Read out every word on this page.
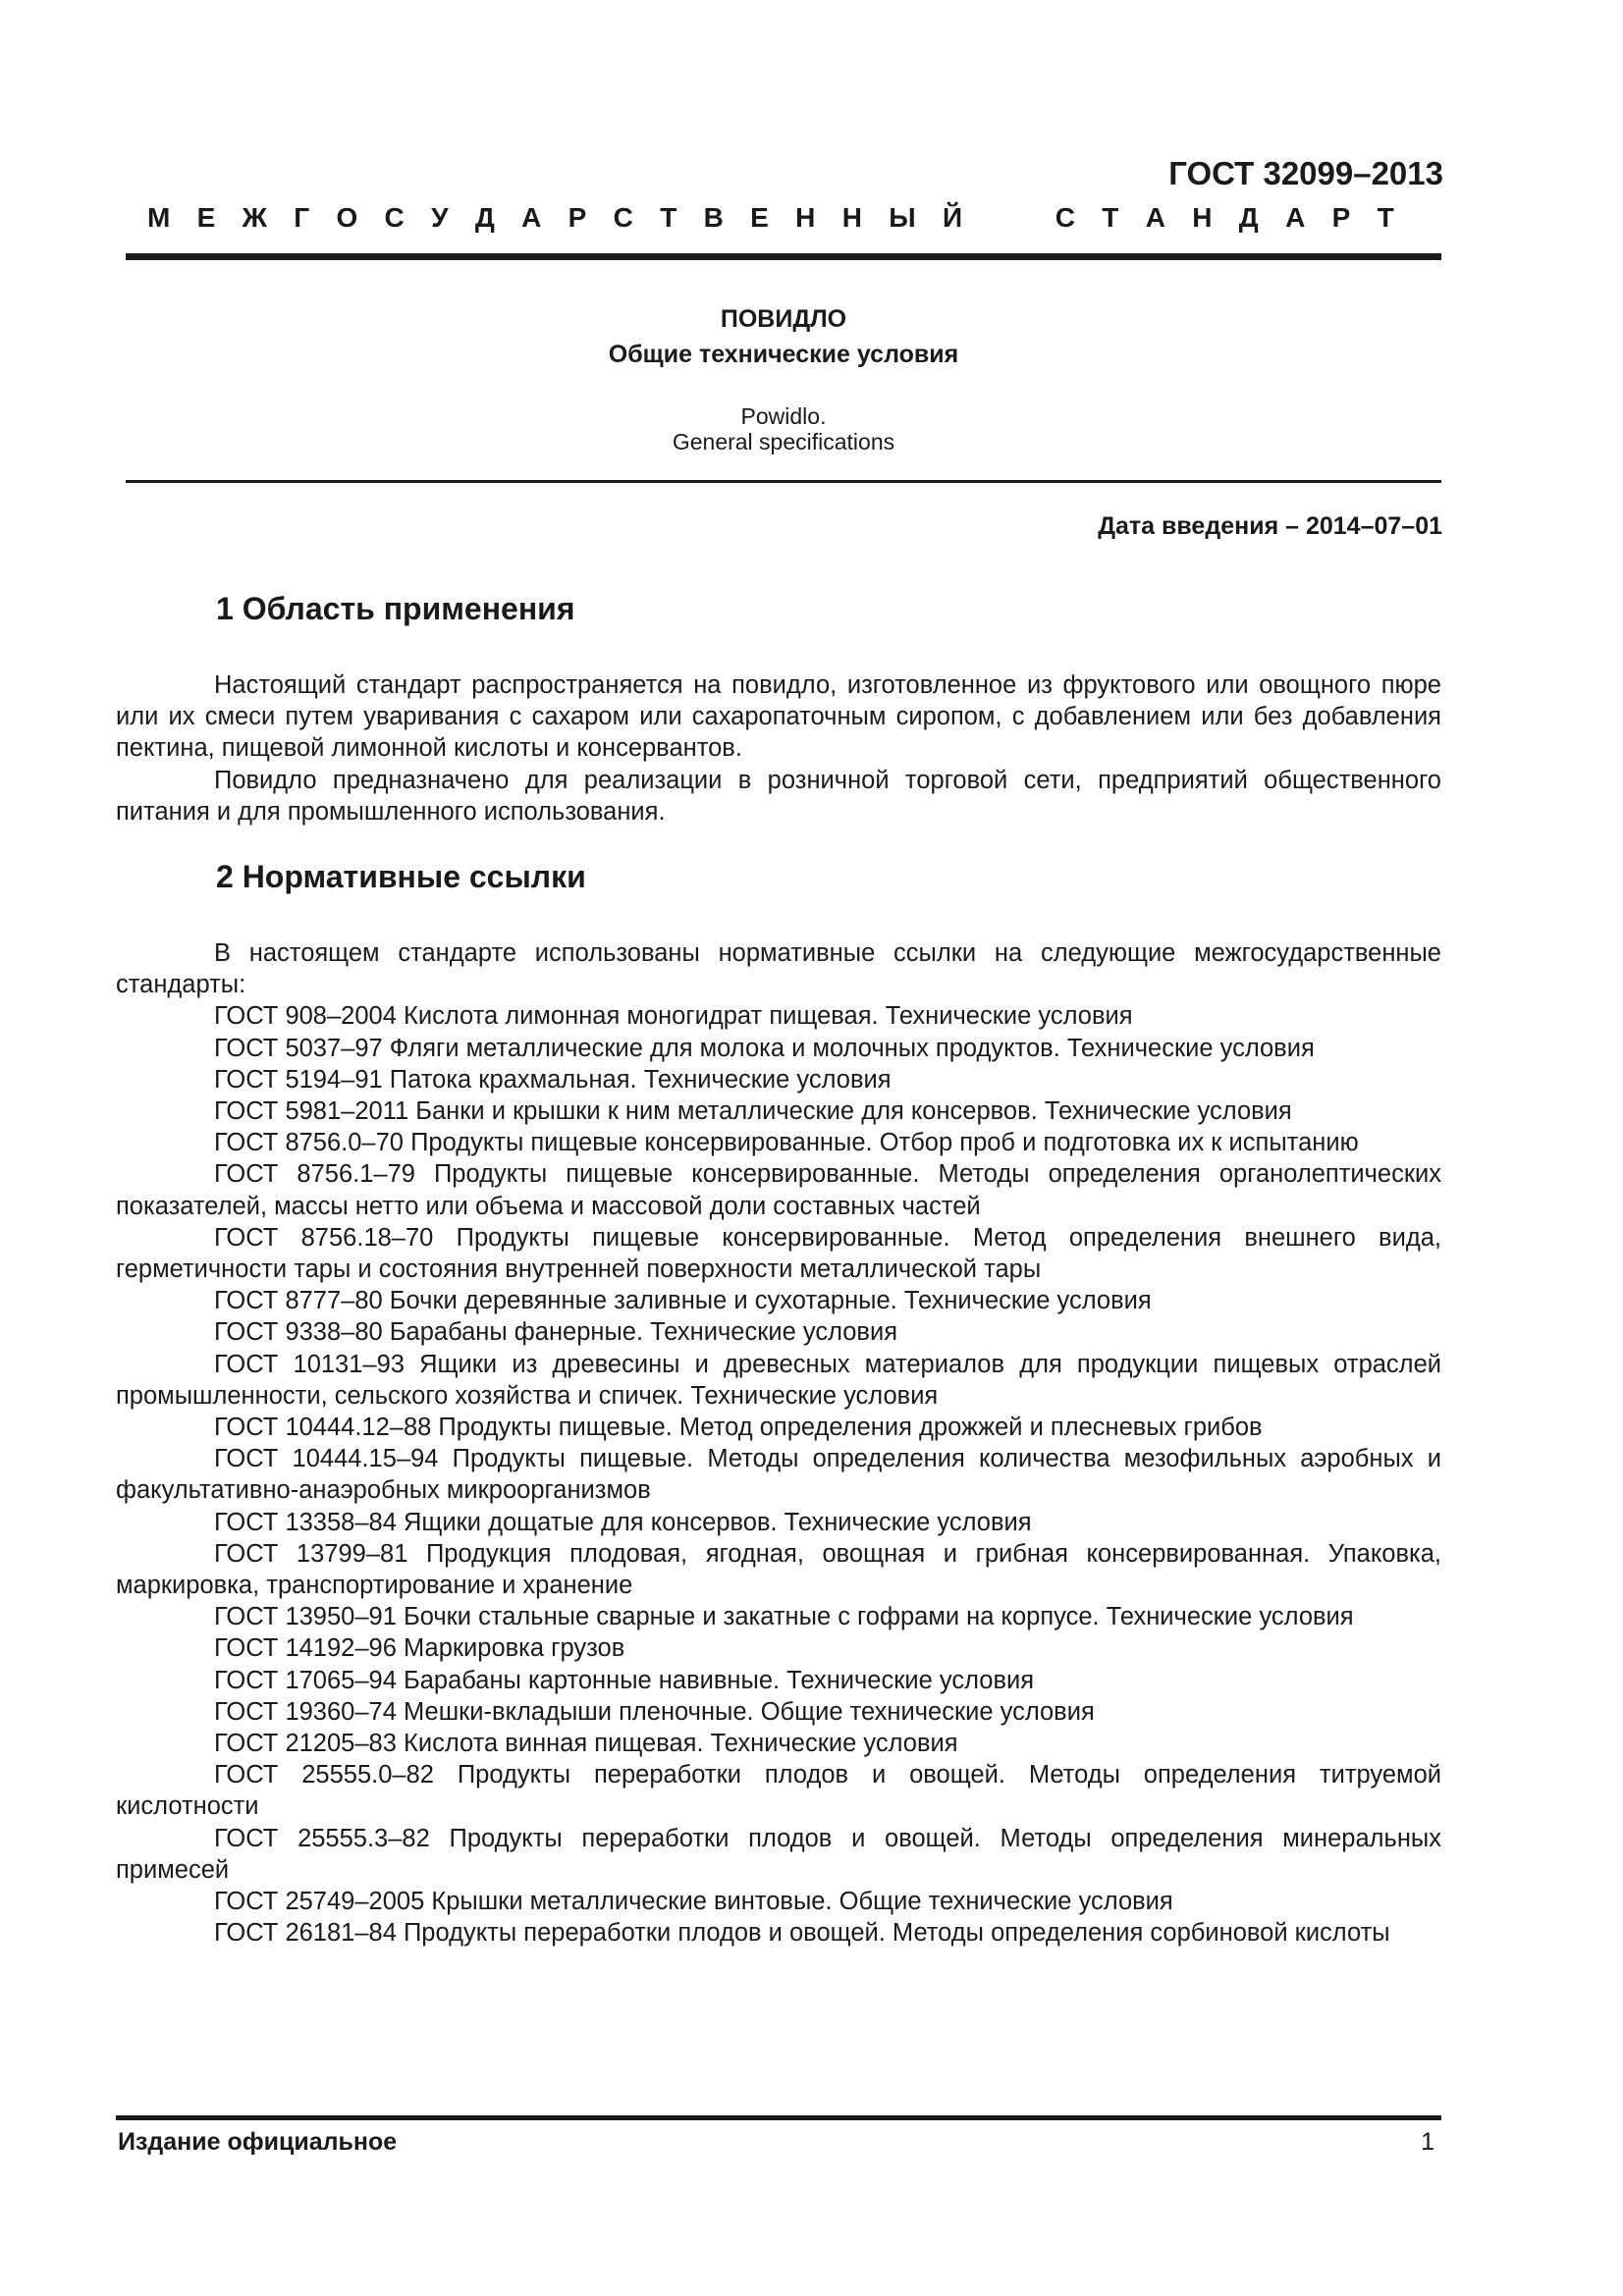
ГОСТ 32099–2013
М Е Ж Г О С У Д А Р С Т В Е Н Н Ы Й	С Т А Н Д А Р Т
ПОВИДЛО
Общие технические условия
Powidlo.
General specifications
Дата введения – 2014–07–01
1 Область применения

Настоящий стандарт распространяется на повидло, изготовленное из фруктового или овощного пюре или их смеси путем уваривания с сахаром или сахаропаточным сиропом, с добавлением или без добавления пектина, пищевой лимонной кислоты и консервантов.

Повидло предназначено для реализации в розничной торговой сети, предприятий общественного питания и для промышленного использования.

2 Нормативные ссылки

В настоящем стандарте использованы нормативные ссылки на следующие межгосударственные стандарты:

ГОСТ 908–2004 Кислота лимонная моногидрат пищевая. Технические условия

ГОСТ 5037–97 Фляги металлические для молока и молочных продуктов. Технические условия

ГОСТ 5194–91 Патока крахмальная. Технические условия

ГОСТ 5981–2011 Банки и крышки к ним металлические для консервов. Технические условия

ГОСТ 8756.0–70 Продукты пищевые консервированные. Отбор проб и подготовка их к испытанию

ГОСТ 8756.1–79 Продукты пищевые консервированные. Методы определения органолептических показателей, массы нетто или объема и массовой доли составных частей

ГОСТ 8756.18–70 Продукты пищевые консервированные. Метод определения внешнего вида, герметичности тары и состояния внутренней поверхности металлической тары

ГОСТ 8777–80 Бочки деревянные заливные и сухотарные. Технические условия

ГОСТ 9338–80 Барабаны фанерные. Технические условия

ГОСТ 10131–93 Ящики из древесины и древесных материалов для продукции пищевых отраслей промышленности, сельского хозяйства и спичек. Технические условия

ГОСТ 10444.12–88 Продукты пищевые. Метод определения дрожжей и плесневых грибов

ГОСТ 10444.15–94 Продукты пищевые. Методы определения количества мезофильных аэробных и факультативно-анаэробных микроорганизмов

ГОСТ 13358–84 Ящики дощатые для консервов. Технические условия

ГОСТ 13799–81 Продукция плодовая, ягодная, овощная и грибная консервированная. Упаковка, маркировка, транспортирование и хранение

ГОСТ 13950–91 Бочки стальные сварные и закатные с гофрами на корпусе. Технические условия

ГОСТ 14192–96 Маркировка грузов

ГОСТ 17065–94 Барабаны картонные навивные. Технические условия

ГОСТ 19360–74 Мешки-вкладыши пленочные. Общие технические условия

ГОСТ 21205–83 Кислота винная пищевая. Технические условия

ГОСТ 25555.0–82 Продукты переработки плодов и овощей. Методы определения титруемой кислотности

ГОСТ 25555.3–82 Продукты переработки плодов и овощей. Методы определения минеральных примесей

ГОСТ 25749–2005 Крышки металлические винтовые. Общие технические условия

ГОСТ 26181–84 Продукты переработки плодов и овощей. Методы определения сорбиновой кислоты

Издание официальное	1
